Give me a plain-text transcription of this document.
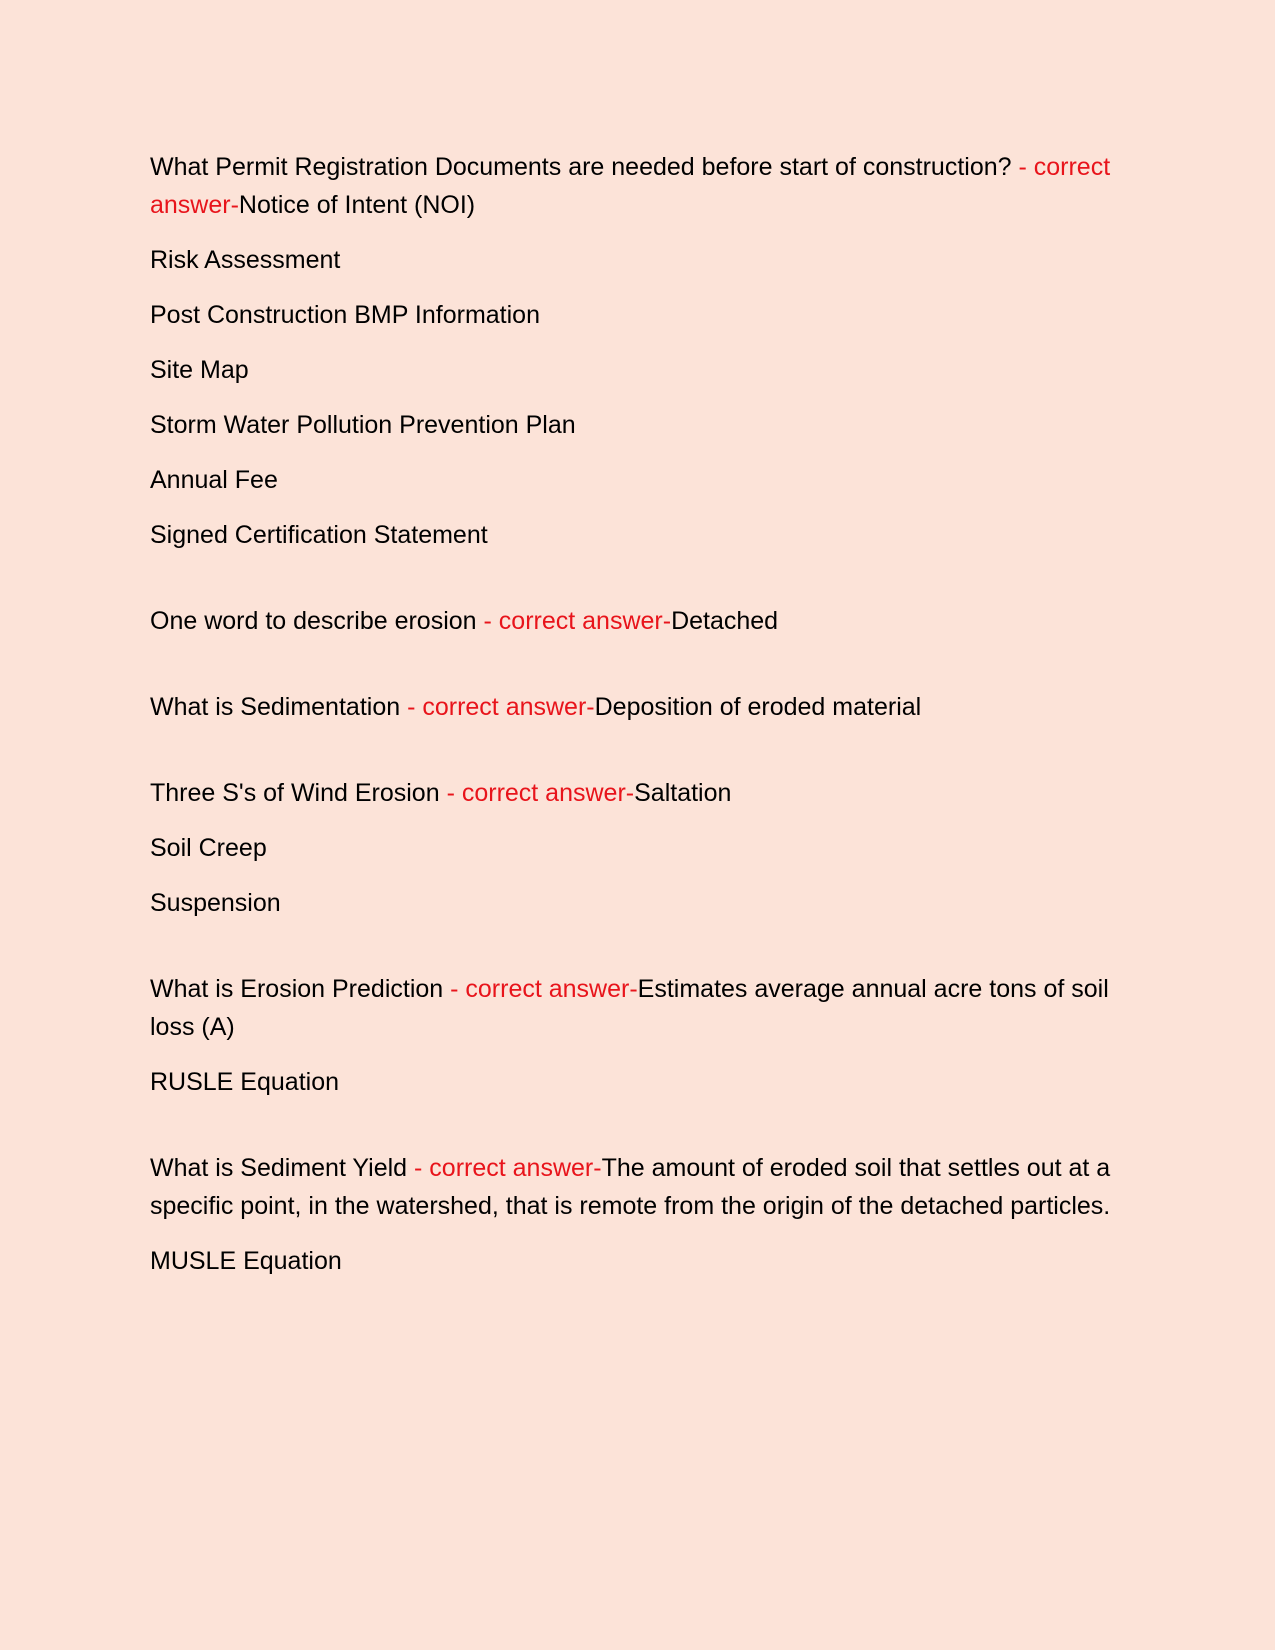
What Permit Registration Documents are needed before start of construction? - correct answer-Notice of Intent (NOI)

Risk Assessment

Post Construction BMP Information

Site Map

Storm Water Pollution Prevention Plan

Annual Fee

Signed Certification Statement

One word to describe erosion - correct answer-Detached

What is Sedimentation - correct answer-Deposition of eroded material

Three S's of Wind Erosion - correct answer-Saltation

Soil Creep

Suspension

What is Erosion Prediction - correct answer-Estimates average annual acre tons of soil loss (A)

RUSLE Equation

What is Sediment Yield - correct answer-The amount of eroded soil that settles out at a specific point, in the watershed, that is remote from the origin of the detached particles.

MUSLE Equation
